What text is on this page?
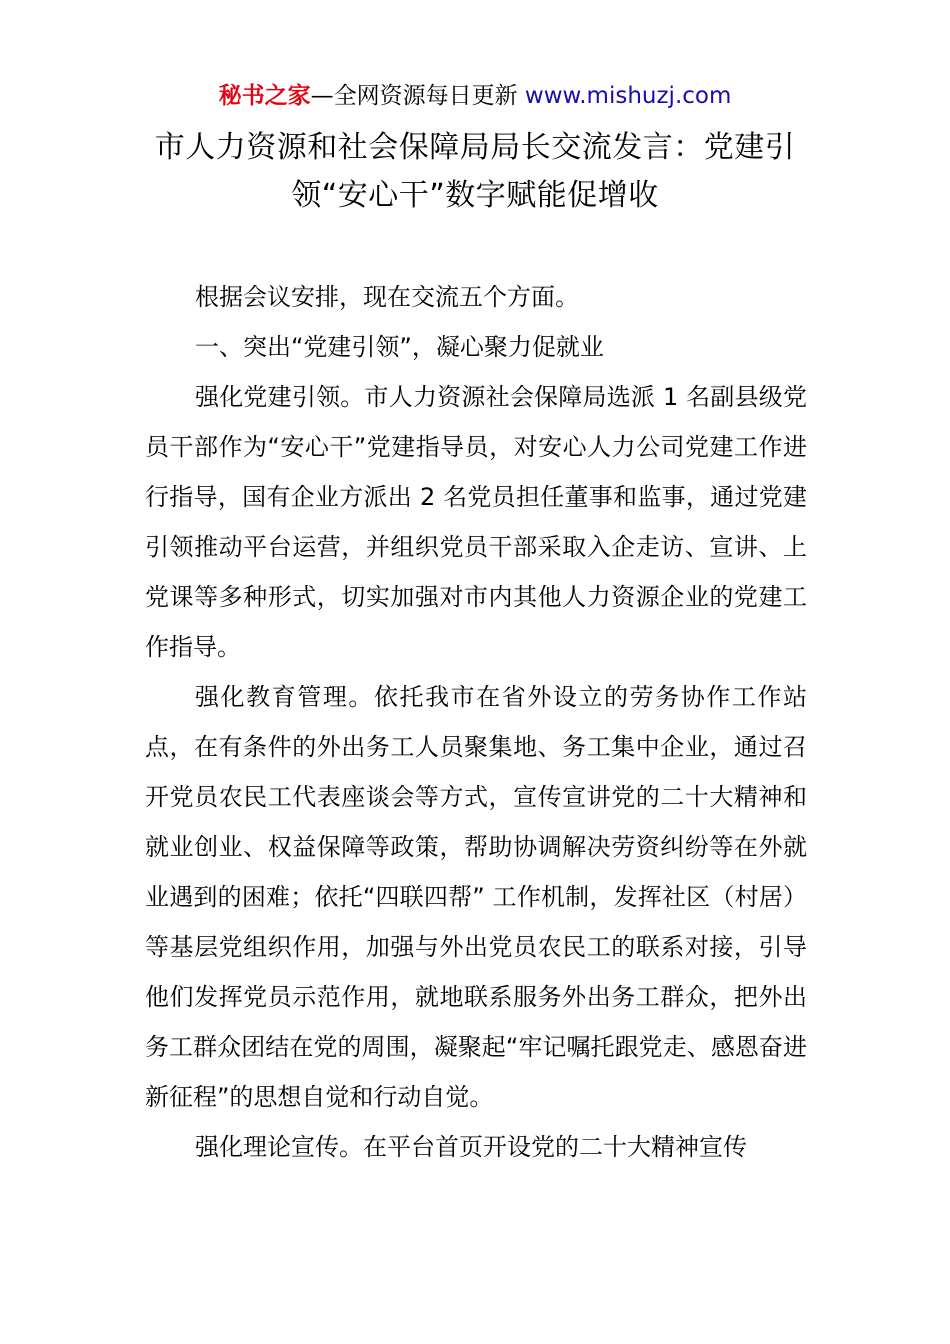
秘书之家—全网资源每日更新 www.mishuzj.com
市人力资源和社会保障局局长交流发言：党建引领“安心干”数字赋能促增收

根据会议安排，现在交流五个方面。

一、突出“党建引领”，凝心聚力促就业

强化党建引领。市人力资源社会保障局选派 1 名副县级党员干部作为“安心干”党建指导员，对安心人力公司党建工作进行指导，国有企业方派出 2 名党员担任董事和监事，通过党建引领推动平台运营，并组织党员干部采取入企走访、宣讲、上党课等多种形式，切实加强对市内其他人力资源企业的党建工作指导。

强化教育管理。依托我市在省外设立的劳务协作工作站点，在有条件的外出务工人员聚集地、务工集中企业，通过召开党员农民工代表座谈会等方式，宣传宣讲党的二十大精神和就业创业、权益保障等政策，帮助协调解决劳资纠纷等在外就业遇到的困难；依托“四联四帮” 工作机制，发挥社区（村居）等基层党组织作用，加强与外出党员农民工的联系对接，引导他们发挥党员示范作用，就地联系服务外出务工群众，把外出务工群众团结在党的周围，凝聚起“牢记嘱托跟党走、感恩奋进新征程”的思想自觉和行动自觉。

强化理论宣传。在平台首页开设党的二十大精神宣传
